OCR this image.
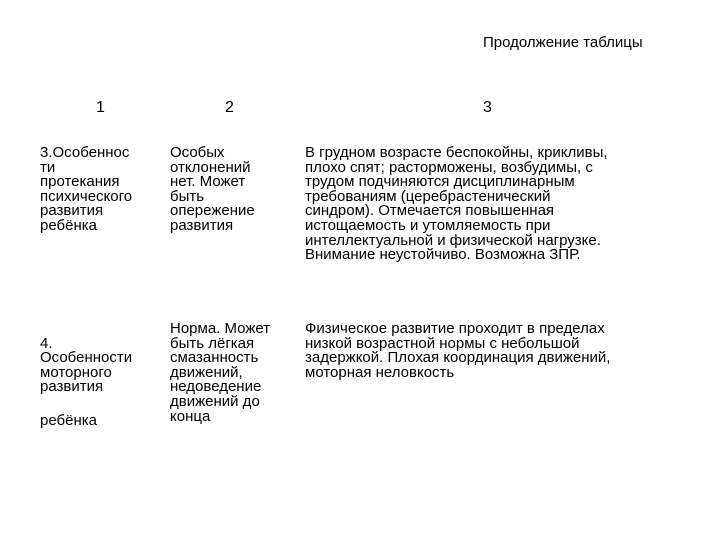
Продолжение таблицы
1	2	3
3.Особеннос
ти
протекания
психического
развития
ребёнка
Особых
отклонений
нет. Может
быть
опережение
развития
В грудном возрасте беспокойны, крикливы,
плохо спят; расторможены, возбудимы, с
трудом подчиняются дисциплинарным
требованиям (церебрастенический
синдром). Отмечается повышенная
истощаемость и утомляемость при
интеллектуальной и физической нагрузке.
Внимание неустойчиво. Возможна ЗПР.

4.
Особенности
моторного
развития

ребёнка

Норма. Может
быть лёгкая
смазанность
движений,
недоведение
движений до
конца
Физическое развитие проходит в пределах
низкой возрастной нормы с небольшой
задержкой. Плохая координация движений,
моторная неловкость
